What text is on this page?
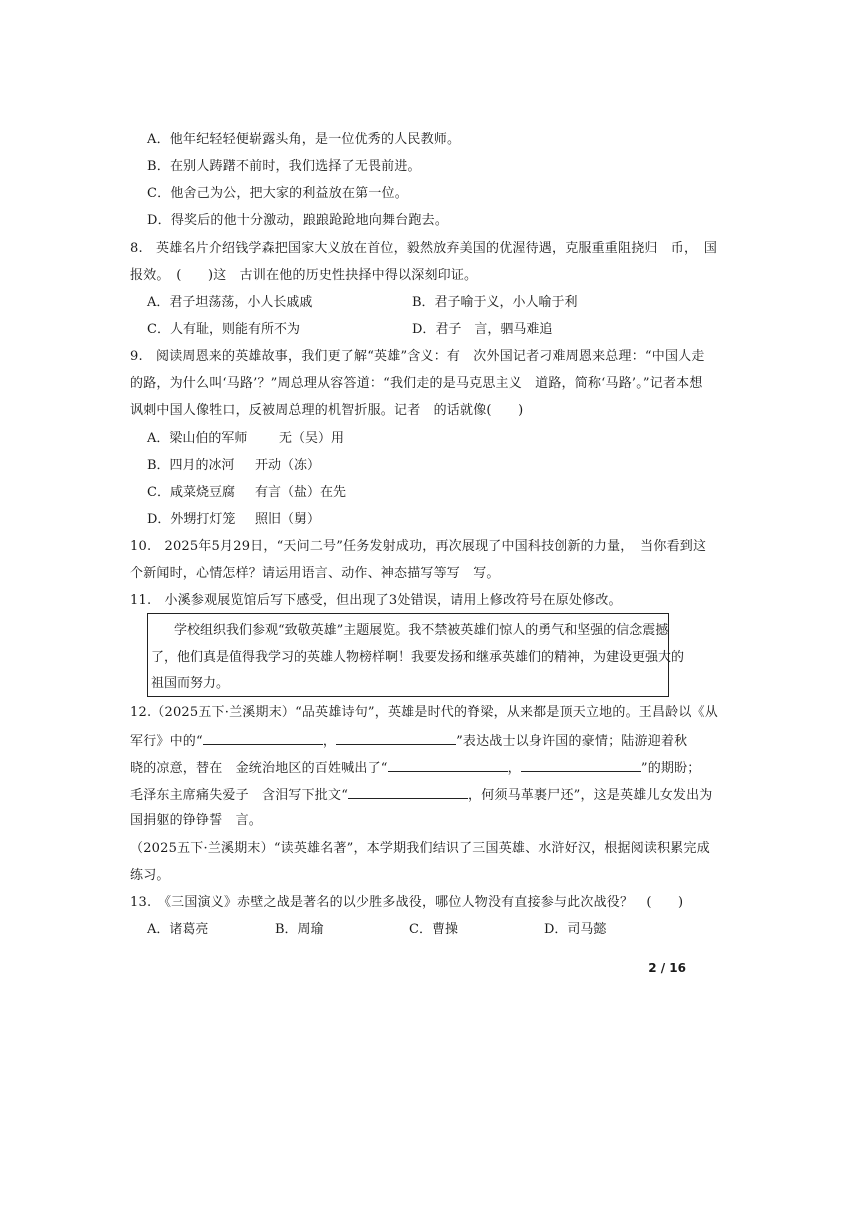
A．他年纪轻轻便崭露头角，是一位优秀的人民教师。
B．在别人踌躇不前时，我们选择了无畏前进。
C．他舍己为公，把大家的利益放在第一位。
D．得奖后的他十分激动，踉踉跄跄地向舞台跑去。
8.　英雄名片介绍钱学森把国家大义放在首位，毅然放弃美国的优渥待遇，克服重重阻挠归　币，　国
报效。　(　　)这　古训在他的历史性抉择中得以深刻印证。
A．君子坦荡荡，小人长戚戚	B．君子喻于义，小人喻于利
C．人有耻，则能有所不为	D．君子　言，驷马难追
9.　阅读周恩来的英雄故事，我们更了解“英雄”含义：有　次外国记者刁难周恩来总理：“中国人走
的路，为什么叫‘马路’？”周总理从容答道：“我们走的是马克思主义　道路，简称‘马路’。”记者本想
讽刺中国人像牲口，反被周总理的机智折服。记者　的话就像(　　)
A．梁山伯的军师 无（吴）用
B．四月的冰河 开动（冻）
C．咸菜烧豆腐 有言（盐）在先
D．外甥打灯笼 照旧（舅）
10.　2025年5月29日，“天问二号”任务发射成功，再次展现了中国科技创新的力量，　当你看到这
个新闻时，心情怎样？请运用语言、动作、神态描写等写　写。
11.　小溪参观展览馆后写下感受，但出现了3处错误，请用上修改符号在原处修改。
学校组织我们参观“致敬英雄”主题展览。我不禁被英雄们惊人的勇气和坚强的信念震撼
了，他们真是值得我学习的英雄人物榜样啊！我要发扬和继承英雄们的精神，为建设更强大的
祖国而努力。
12.（2025五下·兰溪期末）“品英雄诗句”，英雄是时代的脊梁，从来都是顶天立地的。王昌龄以《从
军行》中的“	，	”表达战士以身许国的豪情；陆游迎着秋
晓的凉意，替在　金统治地区的百姓喊出了“	，	”的期盼；
毛泽东主席痛失爱子　含泪写下批文“	，何须马革裹尸还”，这是英雄儿女发出为
国捐躯的铮铮誓　言。
（2025五下·兰溪期末）“读英雄名著”，本学期我们结识了三国英雄、水浒好汉，根据阅读积累完成
练习。
13.　《三国演义》赤壁之战是著名的以少胜多战役，哪位人物没有直接参与此次战役？　(　　)
A．诸葛亮	B．周瑜	C．曹操	D．司马懿
2 / 16
